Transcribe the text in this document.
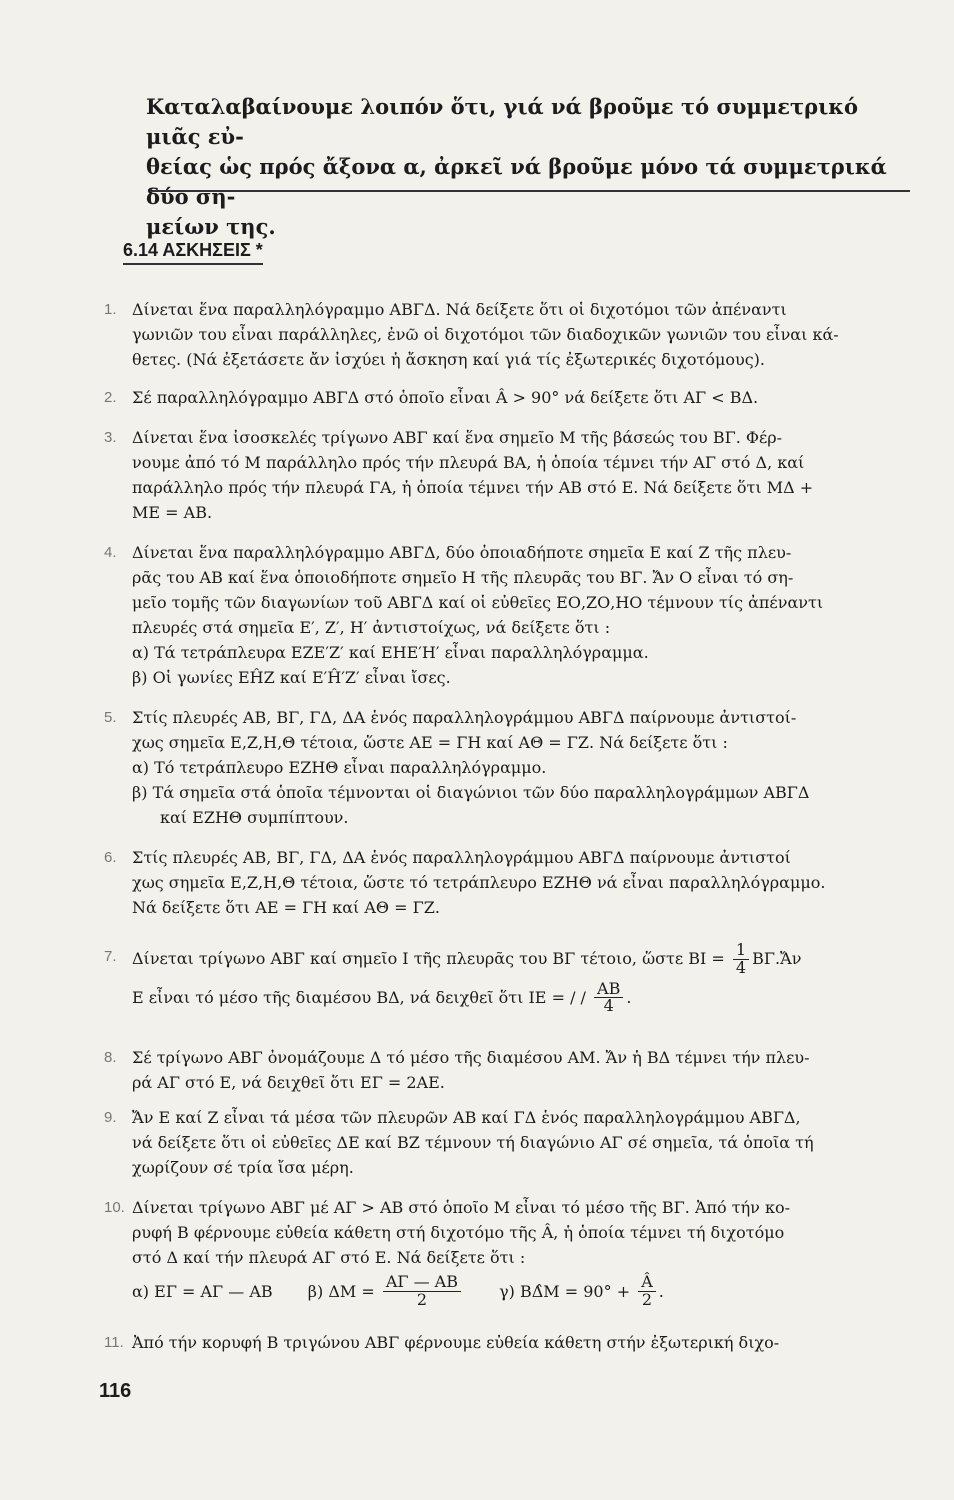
Καταλαβαίνουμε λοιπόν ὅτι, γιά νά βροῦμε τό συμμετρικό μιᾶς εὐ-
θείας ὡς πρός ἄξονα α, ἀρκεῖ νά βροῦμε μόνο τά συμμετρικά δύο ση-
μείων της.

6.14 ΑΣΚΗΣΕΙΣ *
1. Δίνεται ἕνα παραλληλόγραμμο ΑΒΓΔ. Νά δείξετε ὅτι οἱ διχοτόμοι τῶν ἀπέναντι
γωνιῶν του εἶναι παράλληλες, ἐνῶ οἱ διχοτόμοι τῶν διαδοχικῶν γωνιῶν του εἶναι κά-
θετες. (Νά ἐξετάσετε ἄν ἰσχύει ἡ ἄσκηση καί γιά τίς ἐξωτερικές διχοτόμους).
2. Σέ παραλληλόγραμμο ΑΒΓΔ στό ὁποῖο εἶναι Â > 90° νά δείξετε ὅτι ΑΓ < ΒΔ.
3. Δίνεται ἕνα ἰσοσκελές τρίγωνο ΑΒΓ καί ἕνα σημεῖο Μ τῆς βάσεώς του ΒΓ. Φέρ-
νουμε ἀπό τό Μ παράλληλο πρός τήν πλευρά ΒΑ, ἡ ὁποία τέμνει τήν ΑΓ στό Δ, καί
παράλληλο πρός τήν πλευρά ΓΑ, ἡ ὁποία τέμνει τήν ΑΒ στό Ε. Νά δείξετε ὅτι ΜΔ +
ΜΕ = ΑΒ.
4. Δίνεται ἕνα παραλληλόγραμμο ΑΒΓΔ, δύο ὁποιαδήποτε σημεῖα Ε καί Ζ τῆς πλευ-
ρᾶς του ΑΒ καί ἕνα ὁποιοδήποτε σημεῖο Η τῆς πλευρᾶς του ΒΓ. Ἄν Ο εἶναι τό ση-
μεῖο τομῆς τῶν διαγωνίων τοῦ ΑΒΓΔ καί οἱ εὐθεῖες ΕΟ,ΖΟ,ΗΟ τέμνουν τίς ἀπέναντι
πλευρές στά σημεῖα Ε′, Ζ′, Η′ ἀντιστοίχως, νά δείξετε ὅτι :
α) Τά τετράπλευρα ΕΖΕ′Ζ′ καί ΕΗΕ′Η′ εἶναι παραλληλόγραμμα.
β) Οἱ γωνίες ΕĤΖ καί Ε′Ĥ′Ζ′ εἶναι ἴσες.
5. Στίς πλευρές ΑΒ, ΒΓ, ΓΔ, ΔΑ ἑνός παραλληλογράμμου ΑΒΓΔ παίρνουμε ἀντιστοί-
χως σημεῖα Ε,Ζ,Η,Θ τέτοια, ὥστε ΑΕ = ΓΗ καί ΑΘ = ΓΖ. Νά δείξετε ὅτι :
α) Τό τετράπλευρο ΕΖΗΘ εἶναι παραλληλόγραμμο.
β) Τά σημεῖα στά ὁποῖα τέμνονται οἱ διαγώνιοι τῶν δύο παραλληλογράμμων ΑΒΓΔ
καί ΕΖΗΘ συμπίπτουν.
6. Στίς πλευρές ΑΒ, ΒΓ, ΓΔ, ΔΑ ἑνός παραλληλογράμμου ΑΒΓΔ παίρνουμε ἀντιστοί
χως σημεῖα Ε,Ζ,Η,Θ τέτοια, ὥστε τό τετράπλευρο ΕΖΗΘ νά εἶναι παραλληλόγραμμο.
Νά δείξετε ὅτι ΑΕ = ΓΗ καί ΑΘ = ΓΖ.
7. Δίνεται τρίγωνο ΑΒΓ καί σημεῖο Ι τῆς πλευρᾶς του ΒΓ τέτοιο, ὥστε $BI = \frac{1}{4}$ ΒΓ.Ἄν
Ε εἶναι τό μέσο τῆς διαμέσου ΒΔ, νά δειχθεῖ ὅτι ΙΕ = / / $\frac{AB}{4}$ .
8. Σέ τρίγωνο ΑΒΓ ὀνομάζουμε Δ τό μέσο τῆς διαμέσου ΑΜ. Ἄν ἡ ΒΔ τέμνει τήν πλευ-
ρά ΑΓ στό Ε, νά δειχθεῖ ὅτι ΕΓ = 2ΑΕ.
9. Ἄν Ε καί Ζ εἶναι τά μέσα τῶν πλευρῶν ΑΒ καί ΓΔ ἑνός παραλληλογράμμου ΑΒΓΔ,
νά δείξετε ὅτι οἱ εὐθεῖες ΔΕ καί ΒΖ τέμνουν τή διαγώνιο ΑΓ σέ σημεῖα, τά ὁποῖα τή
χωρίζουν σέ τρία ἴσα μέρη.
10. Δίνεται τρίγωνο ΑΒΓ μέ ΑΓ > ΑΒ στό ὁποῖο Μ εἶναι τό μέσο τῆς ΒΓ. Ἀπό τήν κο-
ρυφή Β φέρνουμε εὐθεία κάθετη στή διχοτόμο τῆς Â, ἡ ὁποία τέμνει τή διχοτόμο
στό Δ καί τήν πλευρά ΑΓ στό Ε. Νά δείξετε ὅτι :
α) ΕΓ = ΑΓ — ΑΒ β) $\Delta M = \frac{A\Gamma — AB}{2} \gamma$) ΒΔ̂Μ = $90^\circ + \frac{Â}{2}$ .
11. Ἀπό τήν κορυφή Β τριγώνου ΑΒΓ φέρνουμε εὐθεία κάθετη στήν ἐξωτερική διχο-
116
